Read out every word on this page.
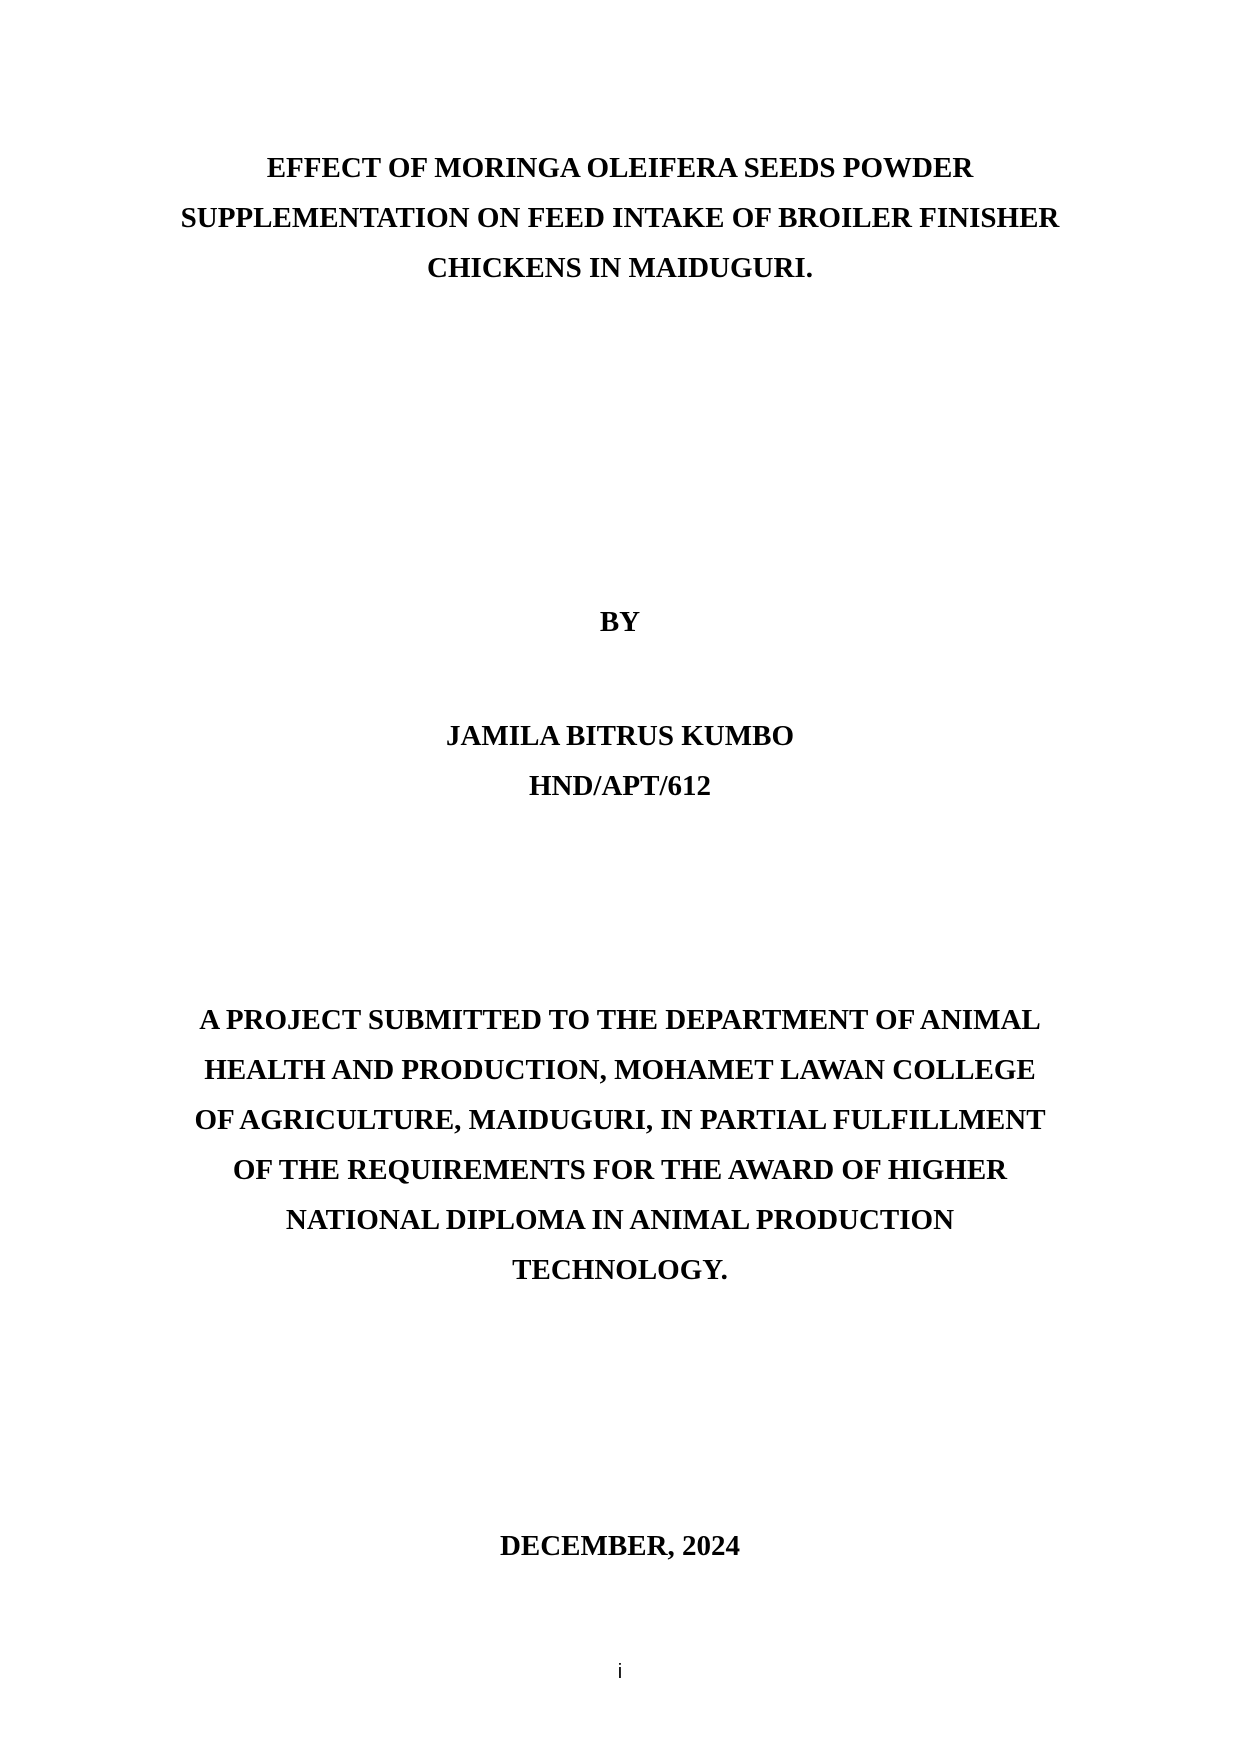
EFFECT OF MORINGA OLEIFERA SEEDS POWDER
SUPPLEMENTATION ON FEED INTAKE OF BROILER FINISHER
CHICKENS IN MAIDUGURI.
BY
JAMILA BITRUS KUMBO
HND/APT/612
A PROJECT SUBMITTED TO THE DEPARTMENT OF ANIMAL
HEALTH AND PRODUCTION, MOHAMET LAWAN COLLEGE
OF AGRICULTURE, MAIDUGURI, IN PARTIAL FULFILLMENT
OF THE REQUIREMENTS FOR THE AWARD OF HIGHER
NATIONAL DIPLOMA IN ANIMAL PRODUCTION
TECHNOLOGY.
DECEMBER, 2024
i
